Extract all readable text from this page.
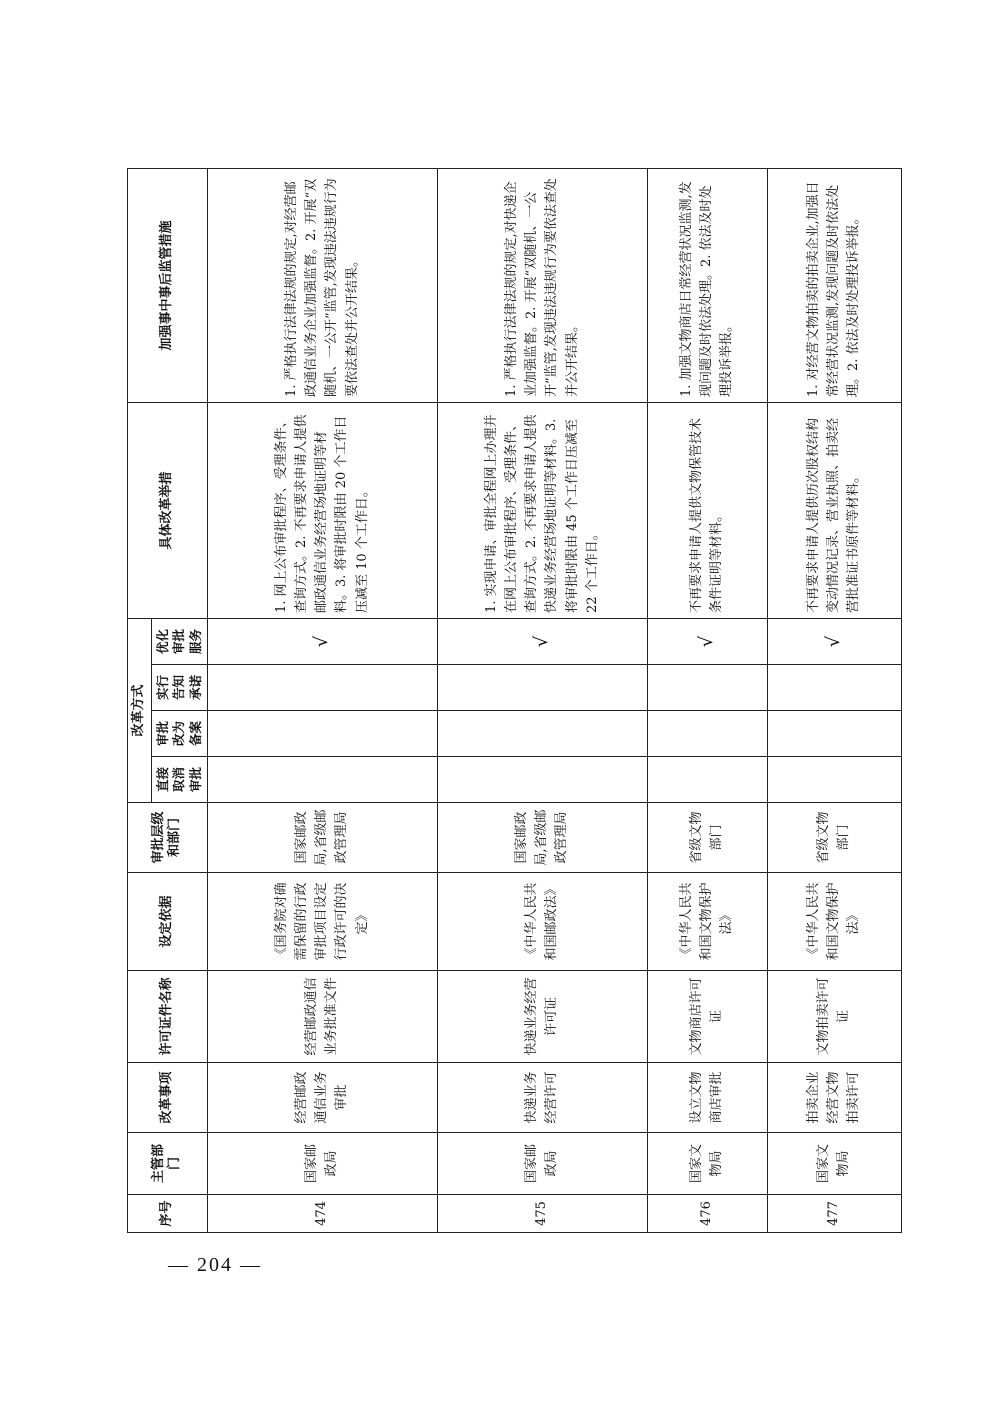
序号	主管部门	改革事项	许可证件名称	设定依据	审批层级和部门	改革方式				具体改革举措	加强事中事后监管措施
						直接取消审批	审批改为备案	实行告知承诺	优化审批服务		
474	国家邮政局	经营邮政通信业务审批	经营邮政通信业务批准文件	《国务院对确需保留的行政审批项目设定行政许可的决定》	国家邮政局,省级邮政管理局				√	1. 网上公布审批程序、受理条件、查询方式。2. 不再要求申请人提供邮政通信业务经营场地证明等材料。3. 将审批时限由 20 个工作日压减至 10 个工作日。	1. 严格执行法律法规的规定,对经营邮政通信业务企业加强监督。2. 开展“双随机、一公开”监管,发现违法违规行为要依法查处并公开结果。
475	国家邮政局	快递业务经营许可	快递业务经营许可证	《中华人民共和国邮政法》	国家邮政局,省级邮政管理局				√	1. 实现申请、审批全程网上办理并在网上公布审批程序、受理条件、查询方式。2. 不再要求申请人提供快递业务经营场地证明等材料。3. 将审批时限由 45 个工作日压减至 22 个工作日。	1. 严格执行法律法规的规定,对快递企业加强监督。2. 开展“双随机、一公开”监管,发现违法违规行为要依法查处并公开结果。
476	国家文物局	设立文物商店审批	文物商店许可证	《中华人民共和国文物保护法》	省级文物部门				√	不再要求申请人提供文物保管技术条件证明等材料。	1. 加强文物商店日常经营状况监测,发现问题及时依法处理。2. 依法及时处理投诉举报。
477	国家文物局	拍卖企业经营文物拍卖许可	文物拍卖许可证	《中华人民共和国文物保护法》	省级文物部门				√	不再要求申请人提供历次股权结构变动情况记录、营业执照、拍卖经营批准证书原件等材料。	1. 对经营文物拍卖的拍卖企业,加强日常经营状况监测,发现问题及时依法处理。2. 依法及时处理投诉举报。
— 204 —
